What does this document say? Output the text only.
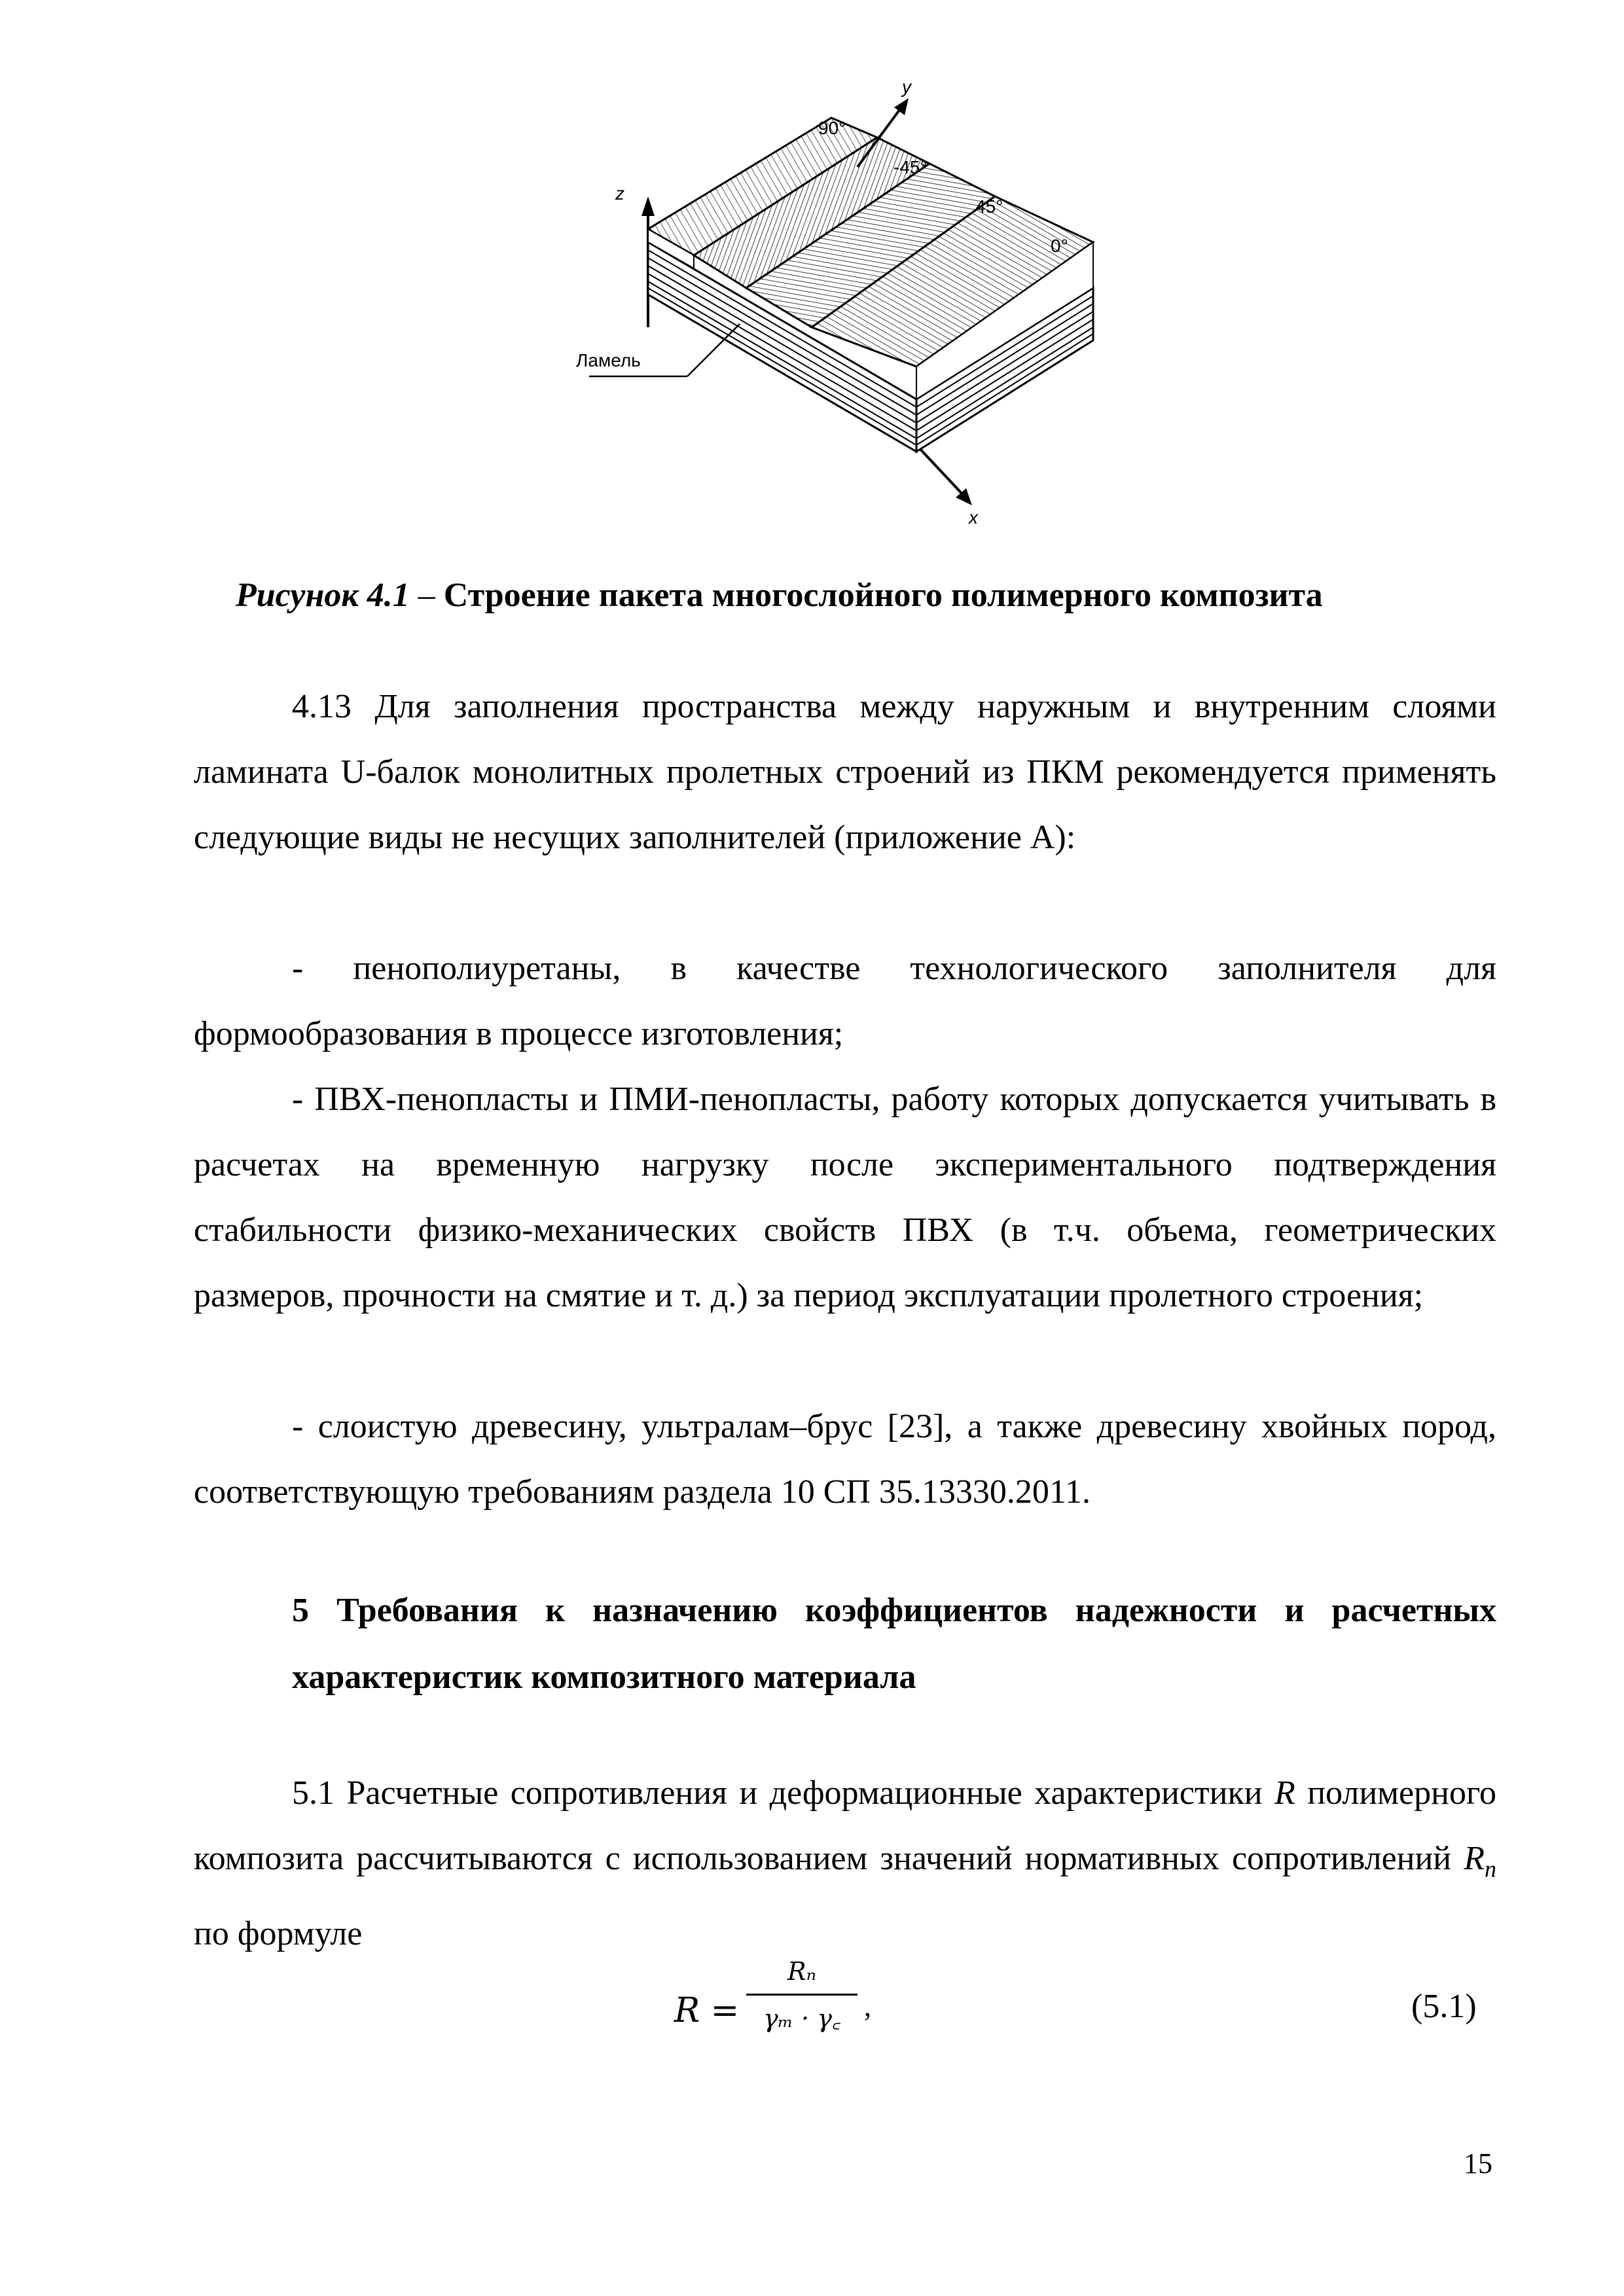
y
z
x
90°
-45°
45°
0°
Ламель
Рисунок 4.1 – Строение пакета многослойного полимерного композита
4.13 Для заполнения пространства между наружным и внутренним слоями ламината U-балок монолитных пролетных строений из ПКМ рекомендуется применять следующие виды не несущих заполнителей (приложение А):
- пенополиуретаны, в качестве технологического заполнителя для формообразования в процессе изготовления;
- ПВХ-пенопласты и ПМИ-пенопласты, работу которых допускается учитывать в расчетах на временную нагрузку после экспериментального подтверждения стабильности физико-механических свойств ПВХ (в т.ч. объема, геометрических размеров, прочности на смятие и т. д.) за период эксплуатации пролетного строения;
- слоистую древесину, ультралам–брус [23], а также древесину хвойных пород, соответствующую требованиям раздела 10 СП 35.13330.2011.
5 Требования к назначению коэффициентов надежности и расчетных характеристик композитного материала
5.1 Расчетные сопротивления и деформационные характеристики R полимерного композита рассчитываются с использованием значений нормативных сопротивлений $R_n$ по формуле
R =
Rₙ
γₘ · γ꜀ ,	(5.1)
15
